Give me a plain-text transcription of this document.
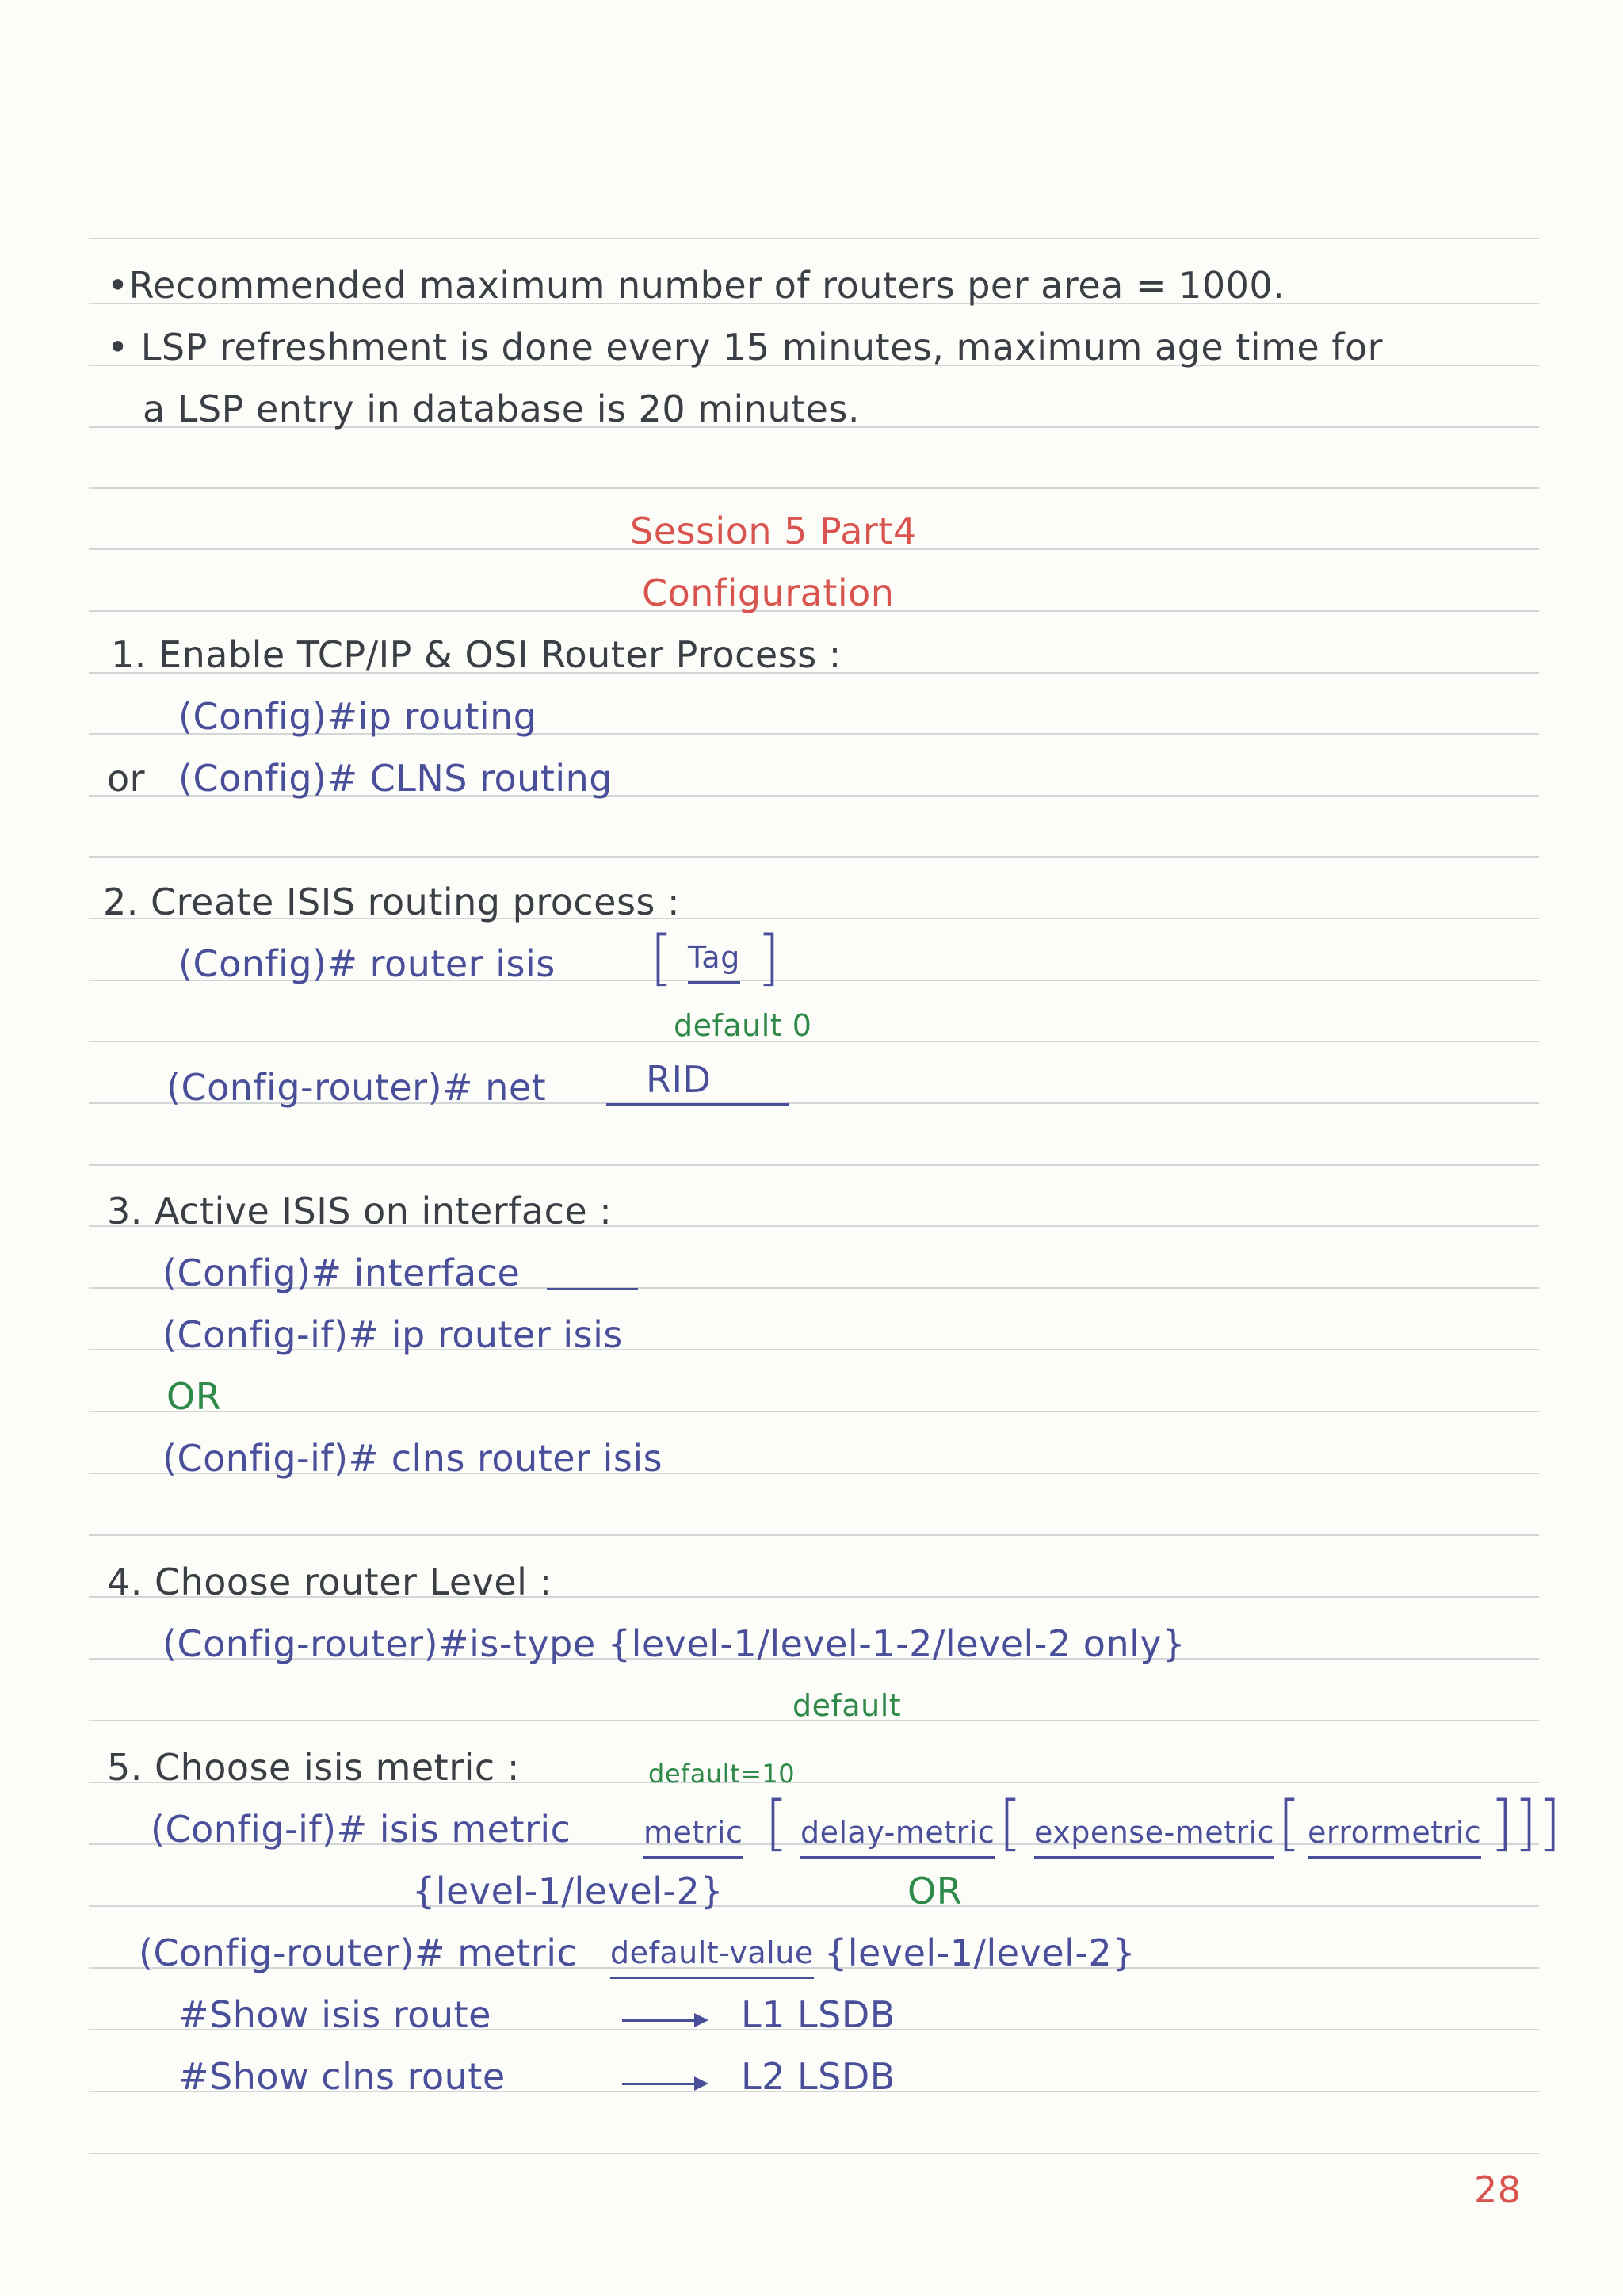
•Recommended maximum number of routers per area = 1000.
• LSP refreshment is done every 15 minutes, maximum age time for
a LSP entry in database is 20 minutes.
Session 5 Part4
Configuration
1. Enable TCP/IP & OSI Router Process :
(Config)#ip routing
or (Config)# CLNS routing
2. Create ISIS routing process :
(Config)# router isis [ Tag ]
default 0
(Config-router)# net	RID
3. Active ISIS on interface :
(Config)# interface
(Config-if)# ip router isis
OR
(Config-if)# clns router isis
4. Choose router Level :
(Config-router)#is-type {level-1/level-1-2/level-2 only}
default
5. Choose isis metric :	default=10
(Config-if)# isis metric metric [ delay-metric [ expense-metric [ errormetric ]]]
{level-1/level-2}	OR
(Config-router)# metric default-value {level-1/level-2}
#Show isis route	L1 LSDB
#Show clns route	L2 LSDB
28
